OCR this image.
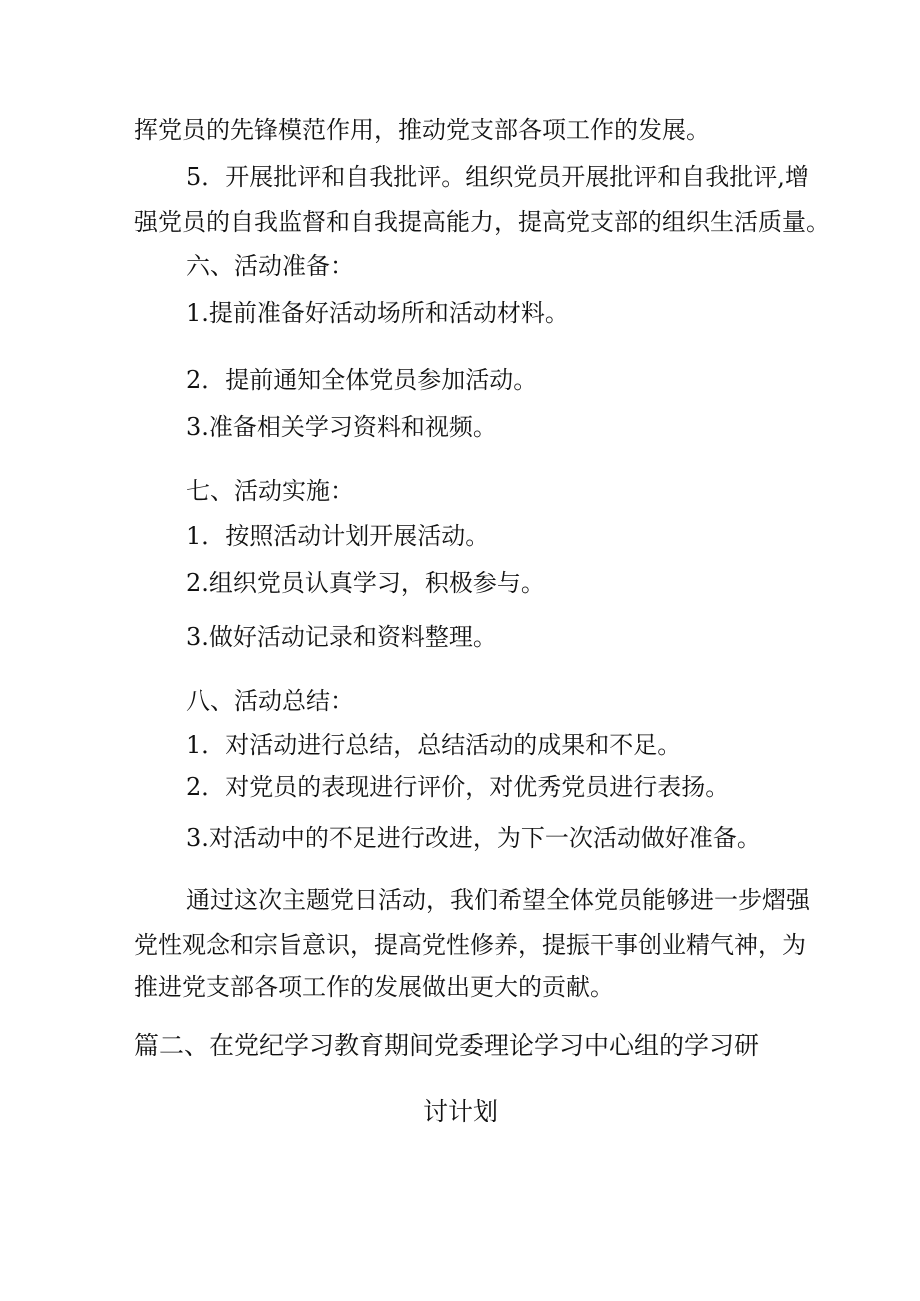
挥党员的先锋模范作用，推动党支部各项工作的发展。
5．开展批评和自我批评。组织党员开展批评和自我批评,增
强党员的自我监督和自我提高能力，提高党支部的组织生活质量。
六、活动准备：
1.提前准备好活动场所和活动材料。
2．提前通知全体党员参加活动。
3.准备相关学习资料和视频。
七、活动实施：
1．按照活动计划开展活动。
2.组织党员认真学习，积极参与。
3.做好活动记录和资料整理。
八、活动总结：
1．对活动进行总结，总结活动的成果和不足。
2．对党员的表现进行评价，对优秀党员进行表扬。
3.对活动中的不足进行改进，为下一次活动做好准备。
通过这次主题党日活动，我们希望全体党员能够进一步熠强
党性观念和宗旨意识，提高党性修养，提振干事创业精气神，为
推进党支部各项工作的发展做出更大的贡献。
篇二、在党纪学习教育期间党委理论学习中心组的学习研
讨计划
